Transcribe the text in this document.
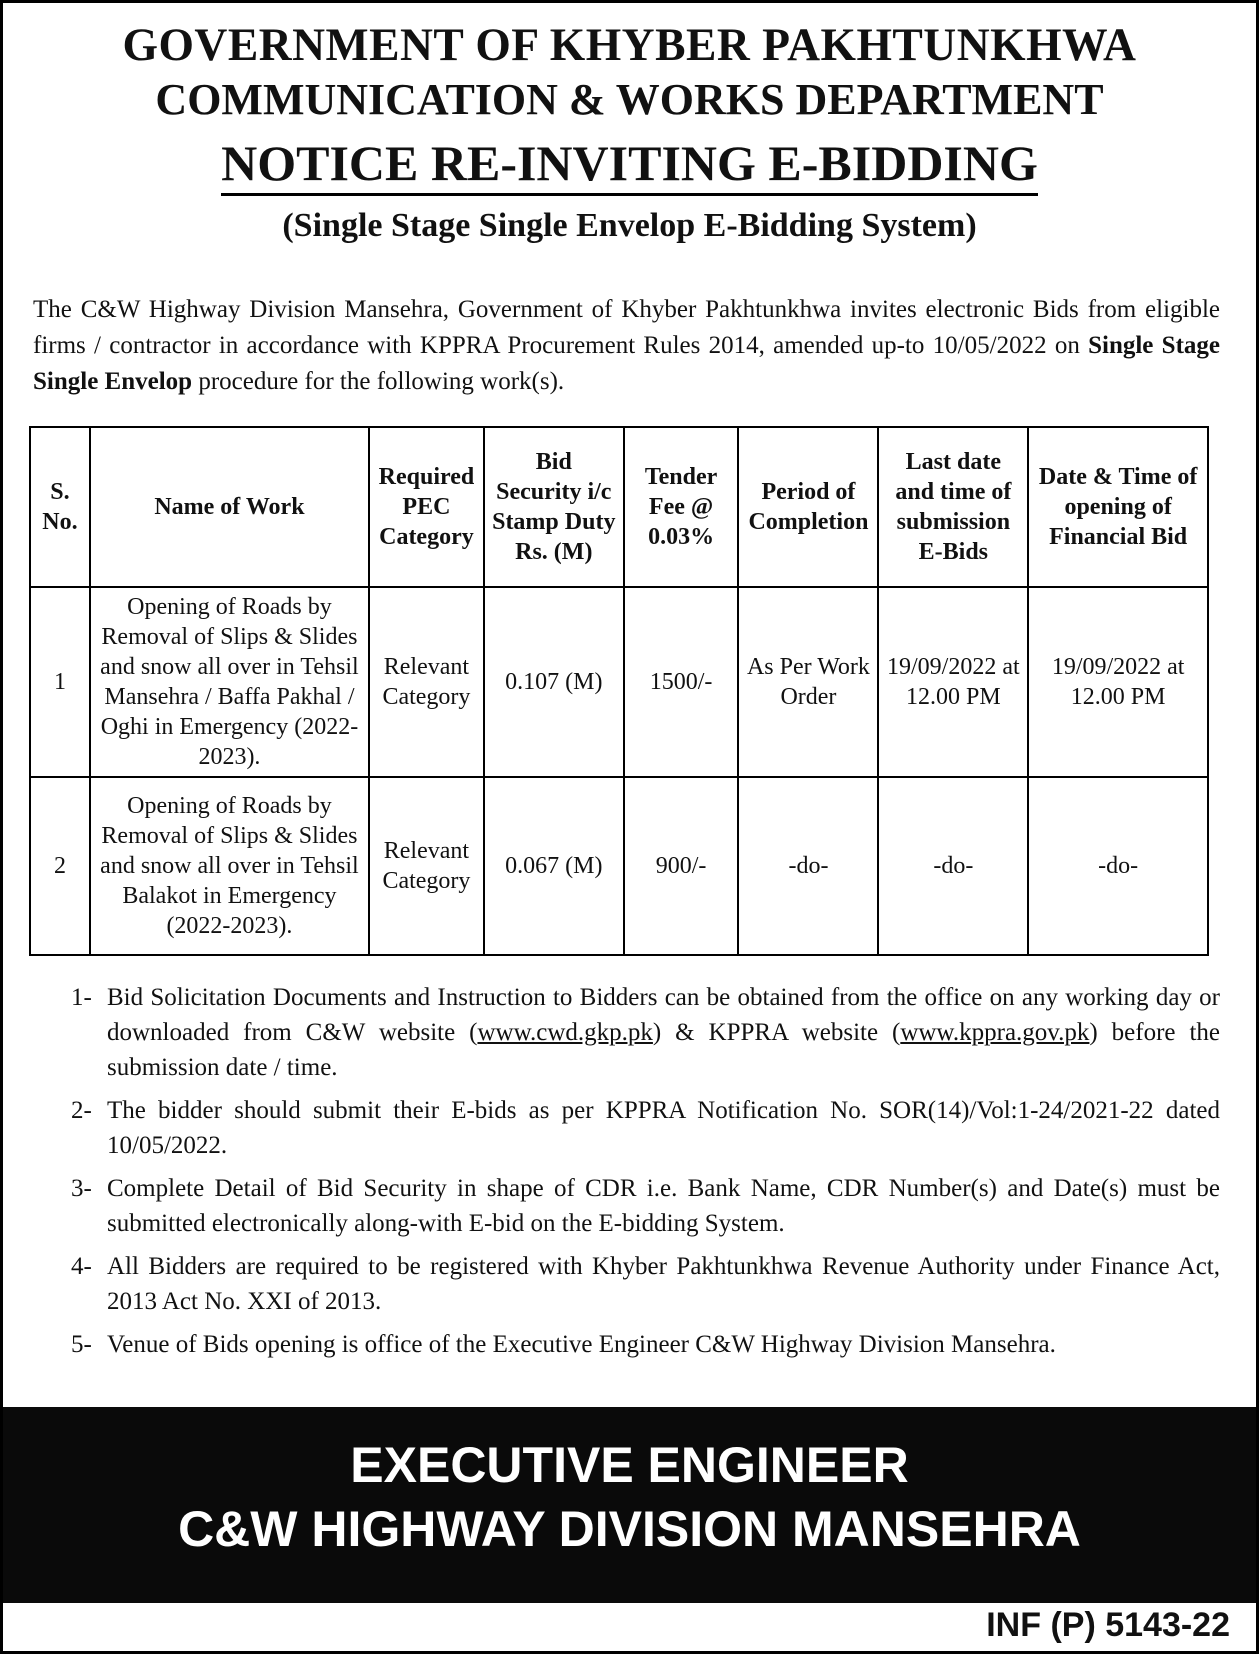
GOVERNMENT OF KHYBER PAKHTUNKHWA
COMMUNICATION & WORKS DEPARTMENT
NOTICE RE-INVITING E-BIDDING
(Single Stage Single Envelop E-Bidding System)
The C&W Highway Division Mansehra, Government of Khyber Pakhtunkhwa invites electronic Bids from eligible firms / contractor in accordance with KPPRA Procurement Rules 2014, amended up-to 10/05/2022 on Single Stage Single Envelop procedure for the following work(s).
S. No.	Name of Work	Required PEC Category	Bid Security i/c Stamp Duty Rs. (M)	Tender Fee @ 0.03%	Period of Completion	Last date and time of submission E-Bids	Date & Time of opening of Financial Bid
1	Opening of Roads by Removal of Slips & Slides and snow all over in Tehsil Mansehra / Baffa Pakhal / Oghi in Emergency (2022-2023).	Relevant Category	0.107 (M)	1500/-	As Per Work Order	19/09/2022 at 12.00 PM	19/09/2022 at 12.00 PM
2	Opening of Roads by Removal of Slips & Slides and snow all over in Tehsil Balakot in Emergency (2022-2023).	Relevant Category	0.067 (M)	900/-	-do-	-do-	-do-
1- Bid Solicitation Documents and Instruction to Bidders can be obtained from the office on any working day or downloaded from C&W website (www.cwd.gkp.pk) & KPPRA website (www.kppra.gov.pk) before the submission date / time.
2- The bidder should submit their E-bids as per KPPRA Notification No. SOR(14)/Vol:1-24/2021-22 dated 10/05/2022.
3- Complete Detail of Bid Security in shape of CDR i.e. Bank Name, CDR Number(s) and Date(s) must be submitted electronically along-with E-bid on the E-bidding System.
4- All Bidders are required to be registered with Khyber Pakhtunkhwa Revenue Authority under Finance Act, 2013 Act No. XXI of 2013.
5- Venue of Bids opening is office of the Executive Engineer C&W Highway Division Mansehra.
EXECUTIVE ENGINEER
C&W HIGHWAY DIVISION MANSEHRA
INF (P) 5143-22
